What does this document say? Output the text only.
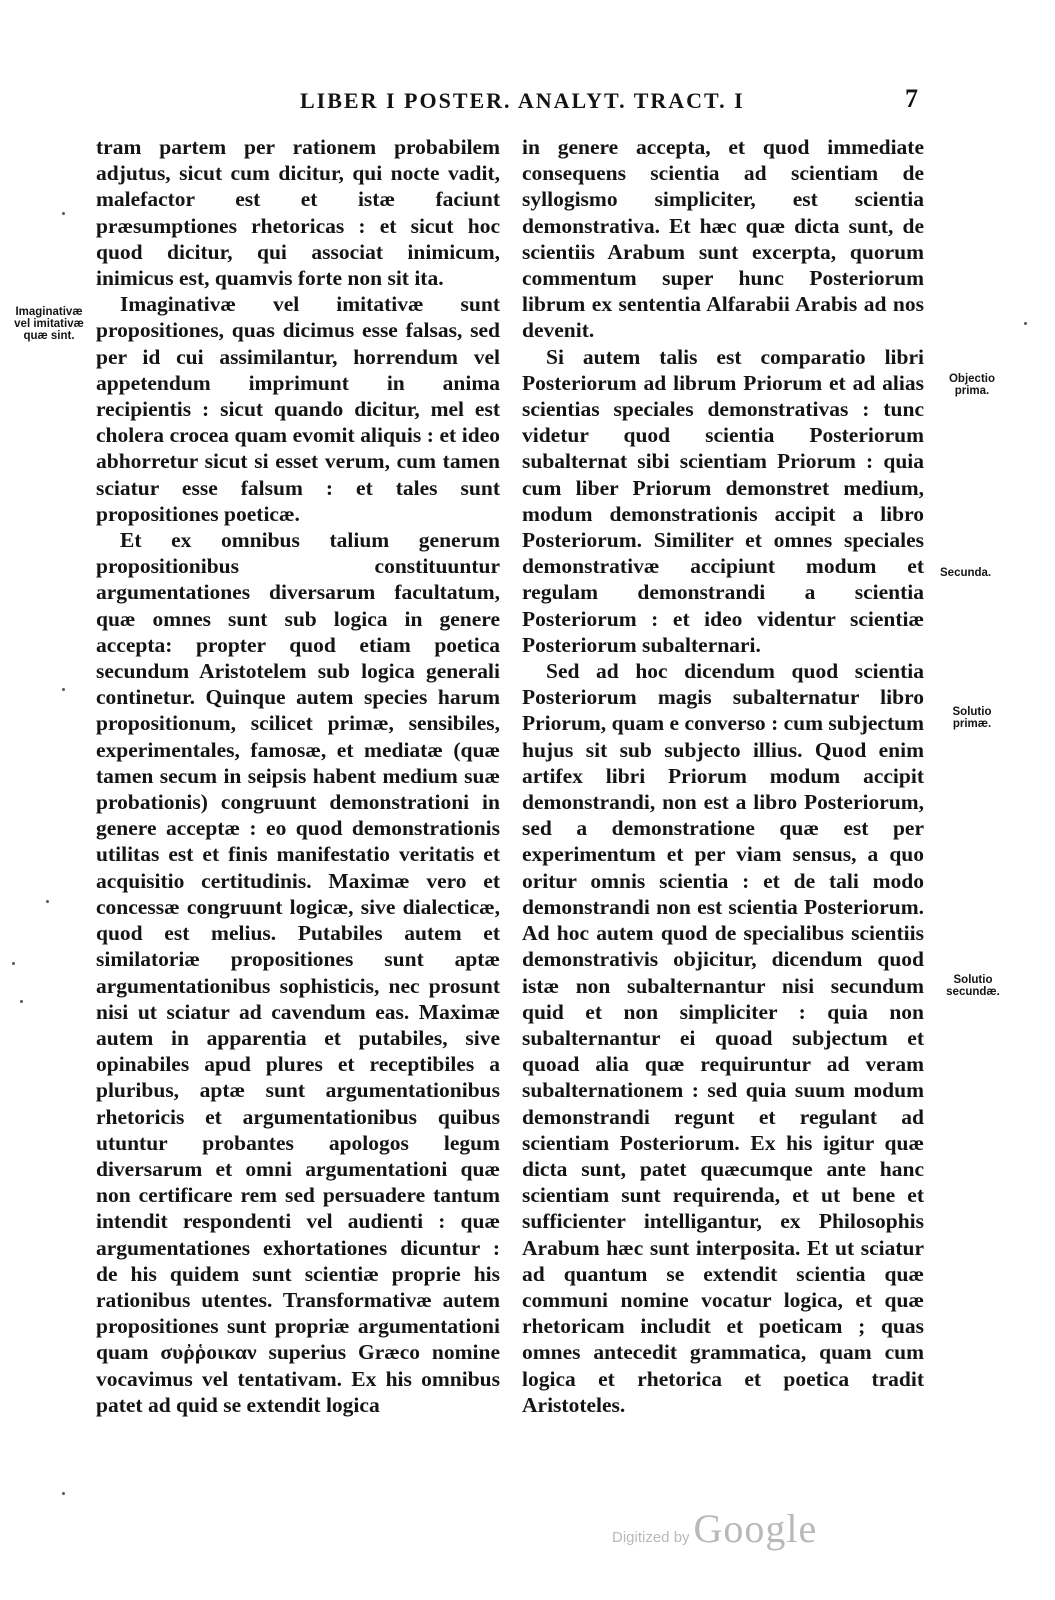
LIBER I POSTER. ANALYT. TRACT. I	7
Imaginativæ vel imitativæ quæ sint.
Objectio prima.
Secunda.
Solutio primæ.
Solutio secundæ.

tram partem per rationem probabilem adjutus, sicut cum dicitur, qui nocte vadit, malefactor est et istæ faciunt præsumptiones rhetoricas : et sicut hoc quod dicitur, qui associat inimicum, inimicus est, quamvis forte non sit ita.

Imaginativæ vel imitativæ sunt propositiones, quas dicimus esse falsas, sed per id cui assimilantur, horrendum vel appetendum imprimunt in anima recipientis : sicut quando dicitur, mel est cholera crocea quam evomit aliquis : et ideo abhorretur sicut si esset verum, cum tamen sciatur esse falsum : et tales sunt propositiones poeticæ.

Et ex omnibus talium generum propositionibus constituuntur argumentationes diversarum facultatum, quæ omnes sunt sub logica in genere accepta: propter quod etiam poetica secundum Aristotelem sub logica generali continetur. Quinque autem species harum propositionum, scilicet primæ, sensibiles, experimentales, famosæ, et mediatæ (quæ tamen secum in seipsis habent medium suæ probationis) congruunt demonstrationi in genere acceptæ : eo quod demonstrationis utilitas est et finis manifestatio veritatis et acquisitio certitudinis. Maximæ vero et concessæ congruunt logicæ, sive dialecticæ, quod est melius. Putabiles autem et similatoriæ propositiones sunt aptæ argumentationibus sophisticis, nec prosunt nisi ut sciatur ad cavendum eas. Maximæ autem in apparentia et putabiles, sive opinabiles apud plures et receptibiles a pluribus, aptæ sunt argumentationibus rhetoricis et argumentationibus quibus utuntur probantes apologos legum diversarum et omni argumentationi quæ non certificare rem sed persuadere tantum intendit respondenti vel audienti : quæ argumentationes exhortationes dicuntur : de his quidem sunt scientiæ proprie his rationibus utentes. Transformativæ autem propositiones sunt propriæ argumentationi quam συῤῥοικαν superius Græco nomine vocavimus vel tentativam. Ex his omnibus patet ad quid se extendit logica

in genere accepta, et quod immediate consequens scientia ad scientiam de syllogismo simpliciter, est scientia demonstrativa. Et hæc quæ dicta sunt, de scientiis Arabum sunt excerpta, quorum commentum super hunc Posteriorum librum ex sententia Alfarabii Arabis ad nos devenit.

Si autem talis est comparatio libri Posteriorum ad librum Priorum et ad alias scientias speciales demonstrativas : tunc videtur quod scientia Posteriorum subalternat sibi scientiam Priorum : quia cum liber Priorum demonstret medium, modum demonstrationis accipit a libro Posteriorum. Similiter et omnes speciales demonstrativæ accipiunt modum et regulam demonstrandi a scientia Posteriorum : et ideo videntur scientiæ Posteriorum subalternari.

Sed ad hoc dicendum quod scientia Posteriorum magis subalternatur libro Priorum, quam e converso : cum subjectum hujus sit sub subjecto illius. Quod enim artifex libri Priorum modum accipit demonstrandi, non est a libro Posteriorum, sed a demonstratione quæ est per experimentum et per viam sensus, a quo oritur omnis scientia : et de tali modo demonstrandi non est scientia Posteriorum. Ad hoc autem quod de specialibus scientiis demonstrativis objicitur, dicendum quod istæ non subalternantur nisi secundum quid et non simpliciter : quia non subalternantur ei quoad subjectum et quoad alia quæ requiruntur ad veram subalternationem : sed quia suum modum demonstrandi regunt et regulant ad scientiam Posteriorum. Ex his igitur quæ dicta sunt, patet quæcumque ante hanc scientiam sunt requirenda, et ut bene et sufficienter intelligantur, ex Philosophis Arabum hæc sunt interposita. Et ut sciatur ad quantum se extendit scientia quæ communi nomine vocatur logica, et quæ rhetoricam includit et poeticam ; quas omnes antecedit grammatica, quam cum logica et rhetorica et poetica tradit Aristoteles.

Digitized by Google
